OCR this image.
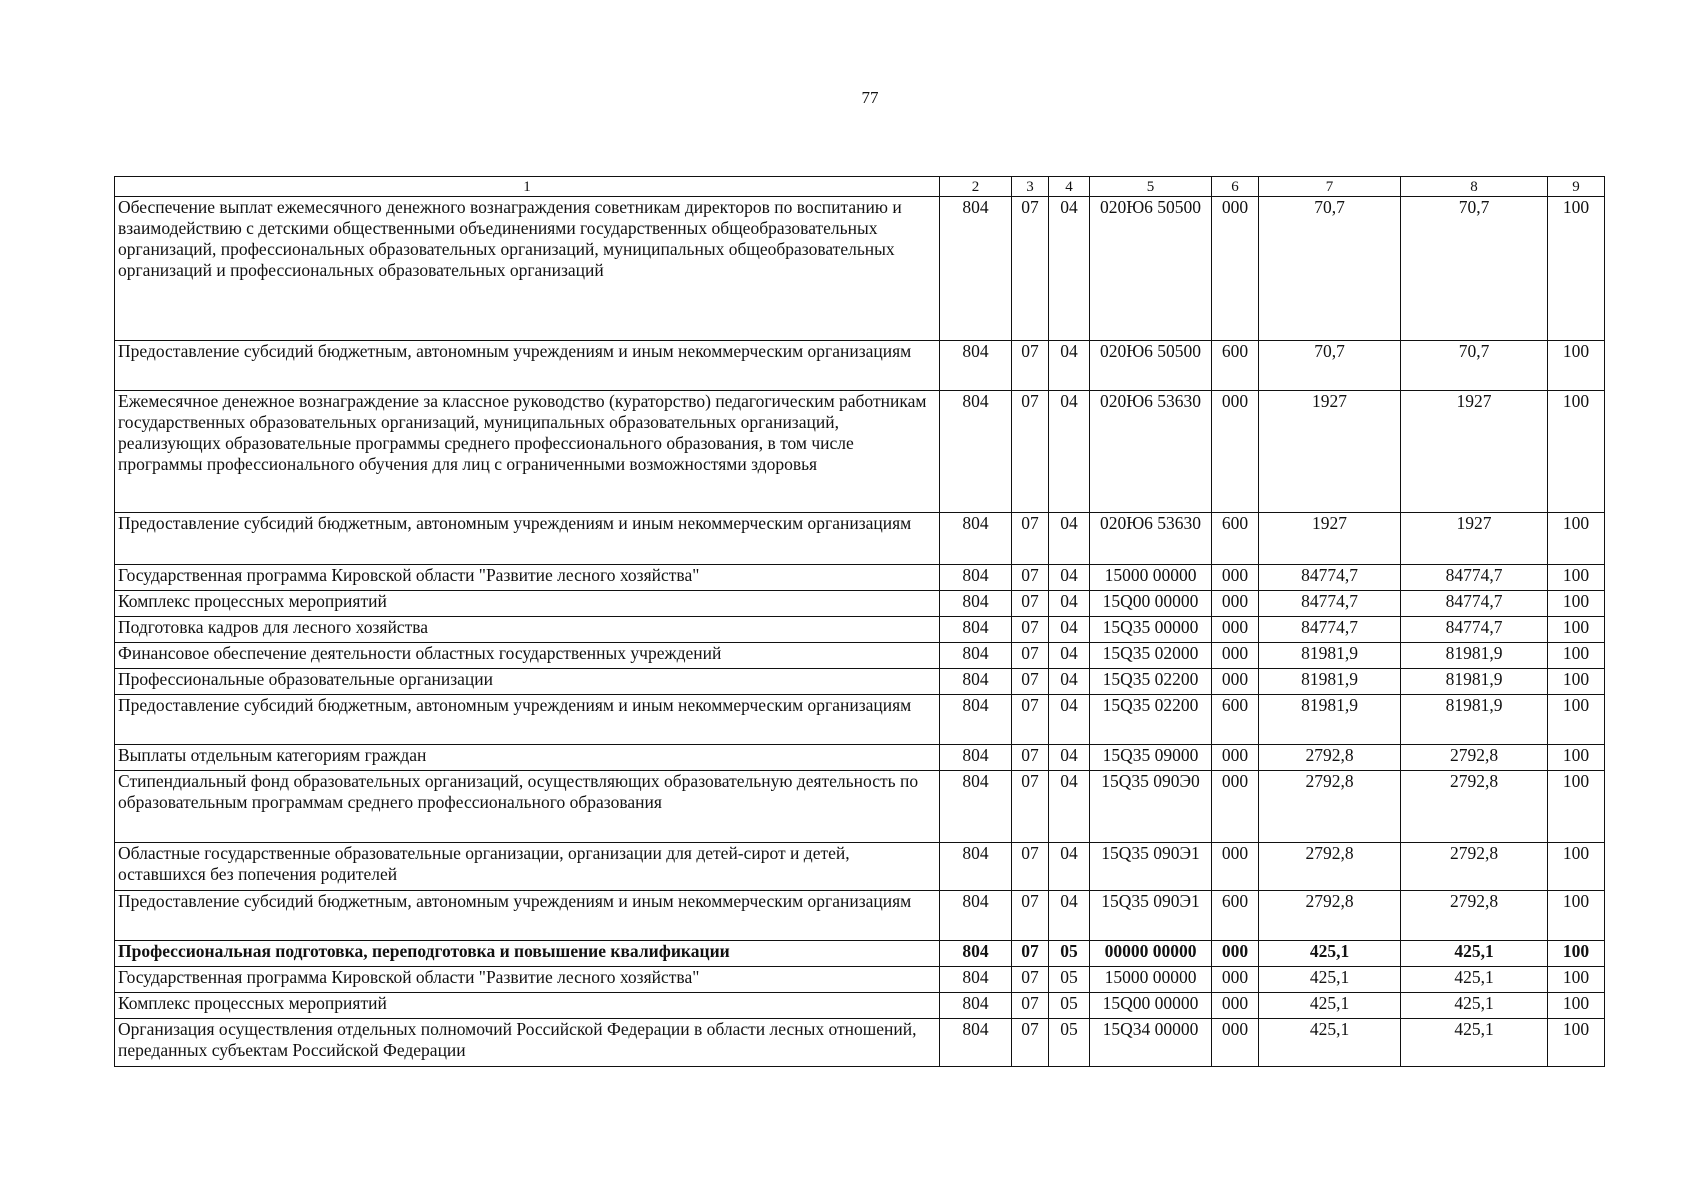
77
1	2	3	4	5	6	7	8	9
Обеспечение выплат ежемесячного денежного вознаграждения советникам директоров по воспитанию и взаимодействию с детскими общественными объединениями государственных общеобразовательных организаций, профессиональных образовательных организаций, муниципальных общеобразовательных организаций и профессиональных образовательных организаций	804	07	04	020Ю6 50500	000	70,7	70,7	100
Предоставление субсидий бюджетным, автономным учреждениям и иным некоммерческим организациям	804	07	04	020Ю6 50500	600	70,7	70,7	100
Ежемесячное денежное вознаграждение за классное руководство (кураторство) педагогическим работникам государственных образовательных организаций, муниципальных образовательных организаций, реализующих образовательные программы среднего профессионального образования, в том числе программы профессионального обучения для лиц с ограниченными возможностями здоровья	804	07	04	020Ю6 53630	000	1927	1927	100
Предоставление субсидий бюджетным, автономным учреждениям и иным некоммерческим организациям	804	07	04	020Ю6 53630	600	1927	1927	100
Государственная программа Кировской области "Развитие лесного хозяйства"	804	07	04	15000 00000	000	84774,7	84774,7	100
Комплекс процессных мероприятий	804	07	04	15Q00 00000	000	84774,7	84774,7	100
Подготовка кадров для лесного хозяйства	804	07	04	15Q35 00000	000	84774,7	84774,7	100
Финансовое обеспечение деятельности областных государственных учреждений	804	07	04	15Q35 02000	000	81981,9	81981,9	100
Профессиональные образовательные организации	804	07	04	15Q35 02200	000	81981,9	81981,9	100
Предоставление субсидий бюджетным, автономным учреждениям и иным некоммерческим организациям	804	07	04	15Q35 02200	600	81981,9	81981,9	100
Выплаты отдельным категориям граждан	804	07	04	15Q35 09000	000	2792,8	2792,8	100
Стипендиальный фонд образовательных организаций, осуществляющих образовательную деятельность по образовательным программам среднего профессионального образования	804	07	04	15Q35 090Э0	000	2792,8	2792,8	100
Областные государственные образовательные организации, организации для детей-сирот и детей, оставшихся без попечения родителей	804	07	04	15Q35 090Э1	000	2792,8	2792,8	100
Предоставление субсидий бюджетным, автономным учреждениям и иным некоммерческим организациям	804	07	04	15Q35 090Э1	600	2792,8	2792,8	100
Профессиональная подготовка, переподготовка и повышение квалификации	804	07	05	00000 00000	000	425,1	425,1	100
Государственная программа Кировской области "Развитие лесного хозяйства"	804	07	05	15000 00000	000	425,1	425,1	100
Комплекс процессных мероприятий	804	07	05	15Q00 00000	000	425,1	425,1	100
Организация осуществления отдельных полномочий Российской Федерации в области лесных отношений, переданных субъектам Российской Федерации	804	07	05	15Q34 00000	000	425,1	425,1	100
